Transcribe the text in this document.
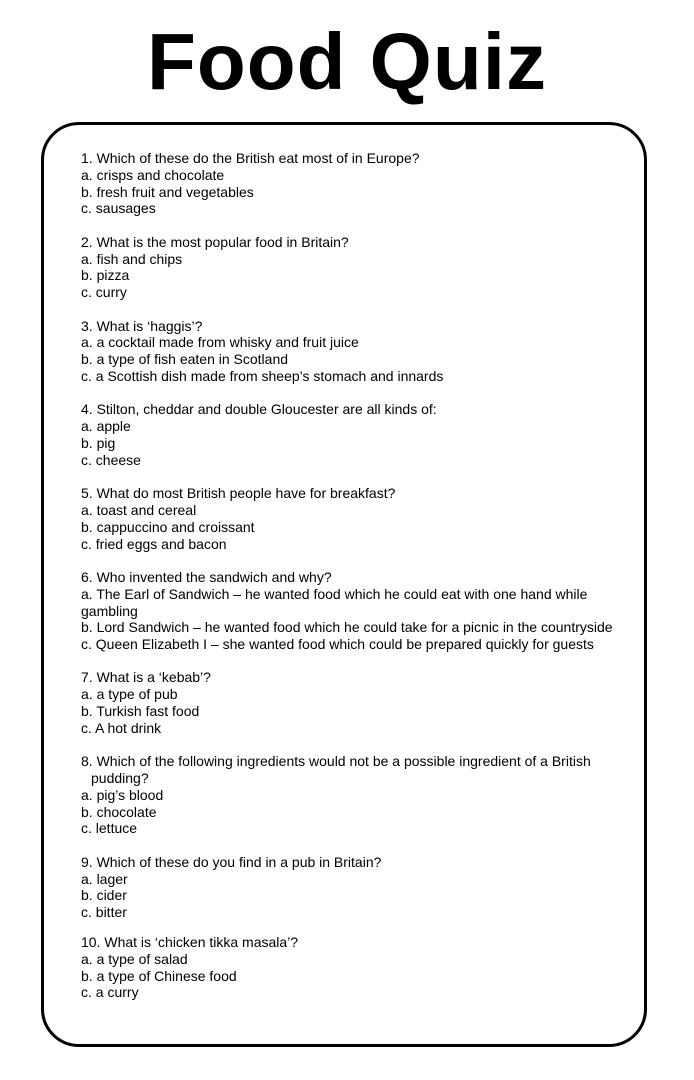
Food Quiz
1. Which of these do the British eat most of in Europe?
a. crisps and chocolate
b. fresh fruit and vegetables
c. sausages
2. What is the most popular food in Britain?
a. fish and chips
b. pizza
c. curry
3. What is ‘haggis’?
a. a cocktail made from whisky and fruit juice
b. a type of fish eaten in Scotland
c. a Scottish dish made from sheep’s stomach and innards
4. Stilton, cheddar and double Gloucester are all kinds of:
a. apple
b. pig
c. cheese
5. What do most British people have for breakfast?
a. toast and cereal
b. cappuccino and croissant
c. fried eggs and bacon
6. Who invented the sandwich and why?
a. The Earl of Sandwich – he wanted food which he could eat with one hand while gambling
b. Lord Sandwich – he wanted food which he could take for a picnic in the countryside
c. Queen Elizabeth I – she wanted food which could be prepared quickly for guests
7. What is a ‘kebab’?
a. a type of pub
b. Turkish fast food
c. A hot drink
8. Which of the following ingredients would not be a possible ingredient of a British pudding?
a. pig’s blood
b. chocolate
c. lettuce
9. Which of these do you find in a pub in Britain?
a. lager
b. cider
c. bitter
10. What is ‘chicken tikka masala’?
a. a type of salad
b. a type of Chinese food
c. a curry
